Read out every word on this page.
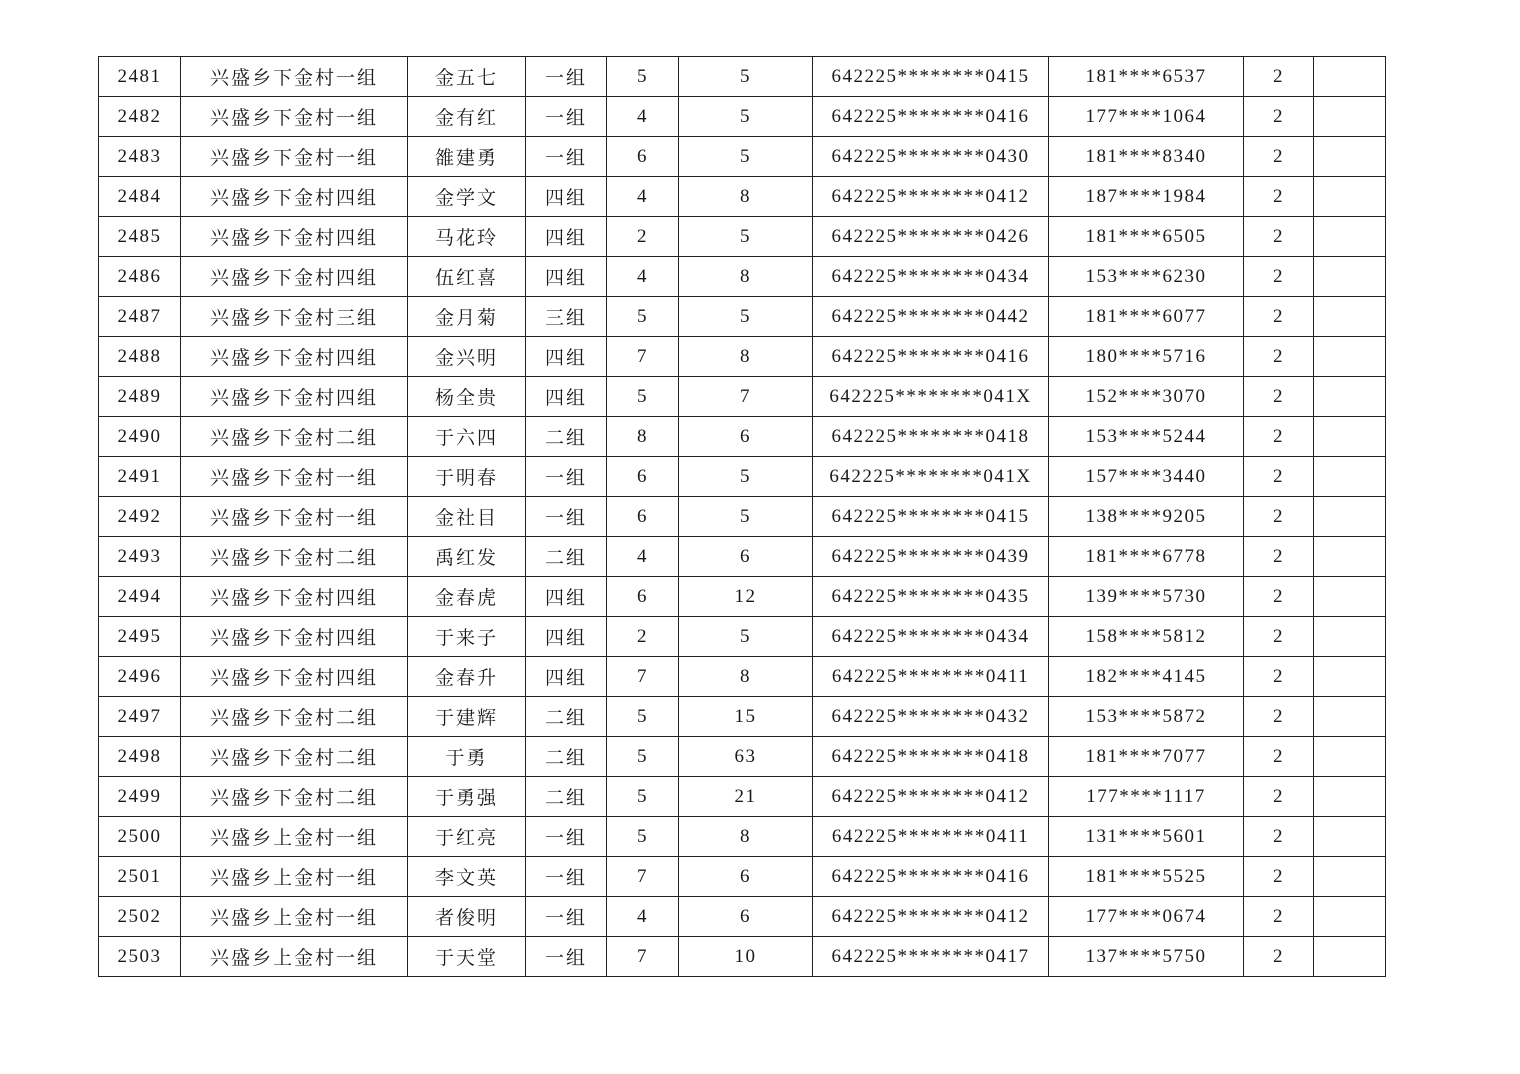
2481	兴盛乡下金村一组	金五七	一组	5	5	642225********0415	181****6537	2	
2482	兴盛乡下金村一组	金有红	一组	4	5	642225********0416	177****1064	2	
2483	兴盛乡下金村一组	雒建勇	一组	6	5	642225********0430	181****8340	2	
2484	兴盛乡下金村四组	金学文	四组	4	8	642225********0412	187****1984	2	
2485	兴盛乡下金村四组	马花玲	四组	2	5	642225********0426	181****6505	2	
2486	兴盛乡下金村四组	伍红喜	四组	4	8	642225********0434	153****6230	2	
2487	兴盛乡下金村三组	金月菊	三组	5	5	642225********0442	181****6077	2	
2488	兴盛乡下金村四组	金兴明	四组	7	8	642225********0416	180****5716	2	
2489	兴盛乡下金村四组	杨全贵	四组	5	7	642225********041X	152****3070	2	
2490	兴盛乡下金村二组	于六四	二组	8	6	642225********0418	153****5244	2	
2491	兴盛乡下金村一组	于明春	一组	6	5	642225********041X	157****3440	2	
2492	兴盛乡下金村一组	金社目	一组	6	5	642225********0415	138****9205	2	
2493	兴盛乡下金村二组	禹红发	二组	4	6	642225********0439	181****6778	2	
2494	兴盛乡下金村四组	金春虎	四组	6	12	642225********0435	139****5730	2	
2495	兴盛乡下金村四组	于来子	四组	2	5	642225********0434	158****5812	2	
2496	兴盛乡下金村四组	金春升	四组	7	8	642225********0411	182****4145	2	
2497	兴盛乡下金村二组	于建辉	二组	5	15	642225********0432	153****5872	2	
2498	兴盛乡下金村二组	于勇	二组	5	63	642225********0418	181****7077	2	
2499	兴盛乡下金村二组	于勇强	二组	5	21	642225********0412	177****1117	2	
2500	兴盛乡上金村一组	于红亮	一组	5	8	642225********0411	131****5601	2	
2501	兴盛乡上金村一组	李文英	一组	7	6	642225********0416	181****5525	2	
2502	兴盛乡上金村一组	者俊明	一组	4	6	642225********0412	177****0674	2	
2503	兴盛乡上金村一组	于天堂	一组	7	10	642225********0417	137****5750	2	
